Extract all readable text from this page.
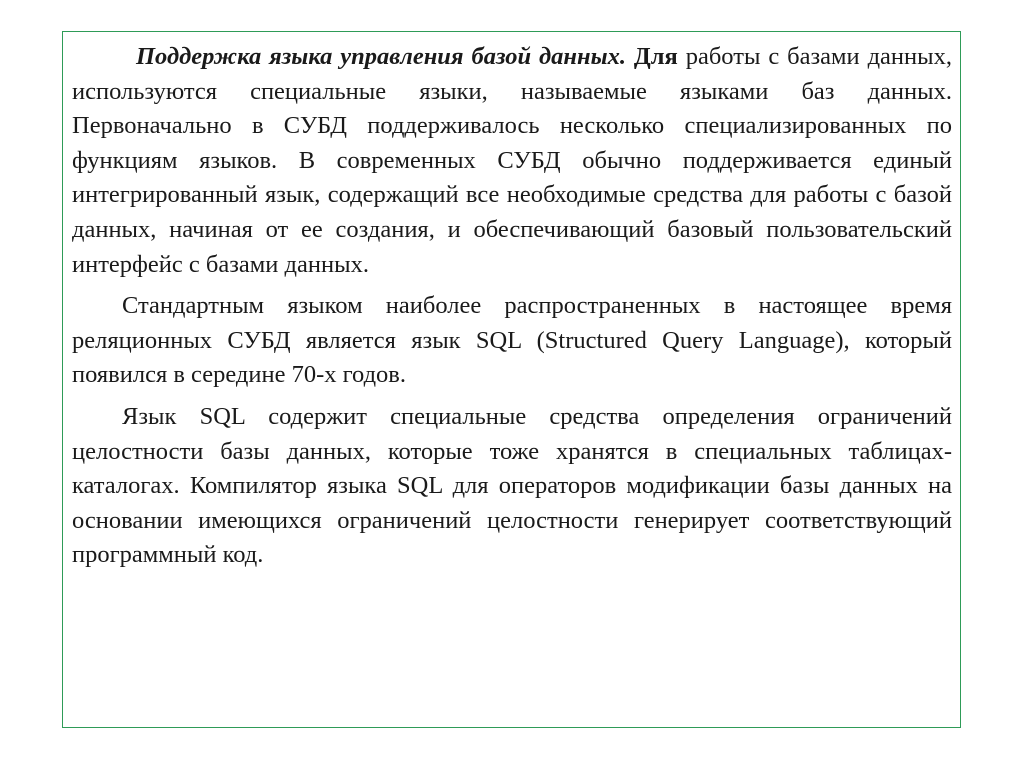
Поддержка языка управления базой данных. Для работы с базами данных, используются специальные языки, называемые языками баз данных. Первоначально в СУБД поддерживалось несколько специализированных по функциям языков. В современных СУБД обычно поддерживается единый интегрированный язык, содержащий все необходимые средства для работы с базой данных, начиная от ее создания, и обеспечивающий базовый пользовательский интерфейс с базами данных.

Стандартным языком наиболее распространенных в настоящее время реляционных СУБД является язык SQL (Structured Query Language), который появился в середине 70-х годов.

Язык SQL содержит специальные средства определения ограничений целостности базы данных, которые тоже хранятся в специальных таблицах-каталогах. Компилятор языка SQL для операторов модификации базы данных на основании имеющихся ограничений целостности генерирует соответствующий программный код.
